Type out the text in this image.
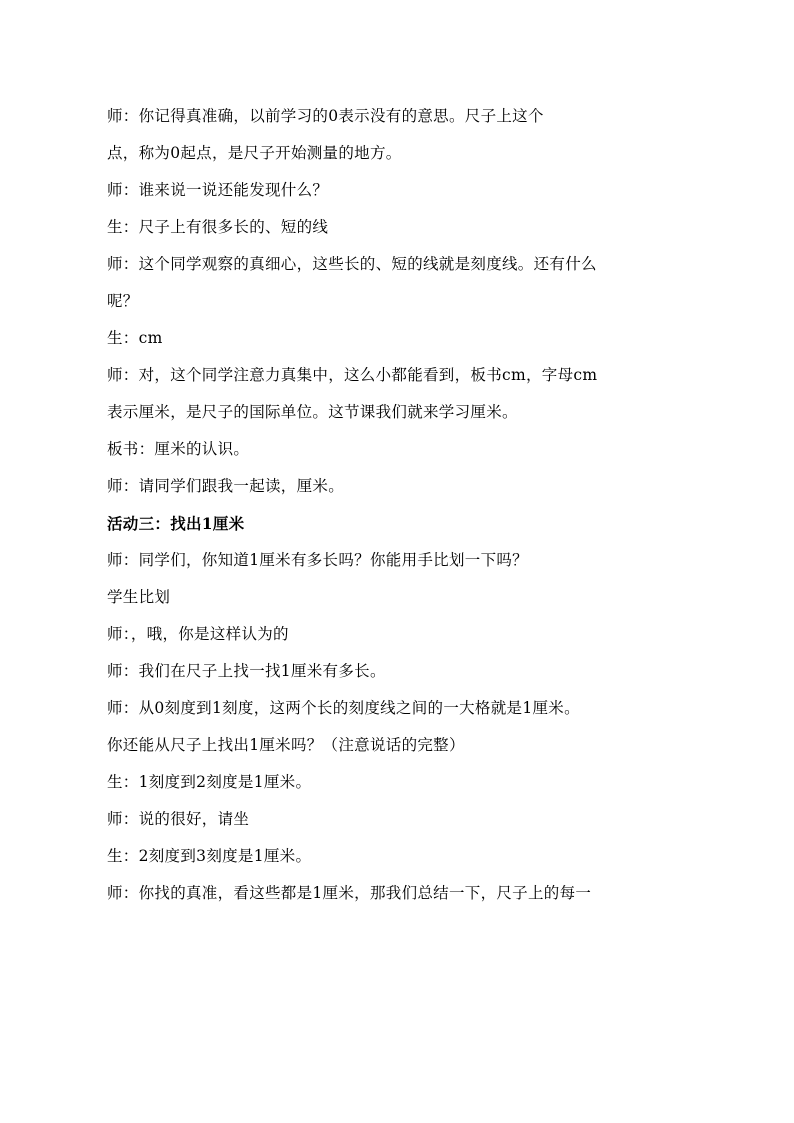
师：你记得真准确，以前学习的0表示没有的意思。尺子上这个
点，称为0起点，是尺子开始测量的地方。
师：谁来说一说还能发现什么？
生：尺子上有很多长的、短的线
师：这个同学观察的真细心，这些长的、短的线就是刻度线。还有什么
呢？
生：cm
师：对，这个同学注意力真集中，这么小都能看到，板书cm，字母cm
表示厘米，是尺子的国际单位。这节课我们就来学习厘米。
板书：厘米的认识。
师：请同学们跟我一起读，厘米。
活动三：找出1厘米
师：同学们，你知道1厘米有多长吗？你能用手比划一下吗？
学生比划
师：，哦，你是这样认为的
师：我们在尺子上找一找1厘米有多长。
师：从0刻度到1刻度，这两个长的刻度线之间的一大格就是1厘米。
你还能从尺子上找出1厘米吗？（注意说话的完整）
生：1刻度到2刻度是1厘米。
师：说的很好，请坐
生：2刻度到3刻度是1厘米。
师：你找的真准，看这些都是1厘米，那我们总结一下，尺子上的每一
